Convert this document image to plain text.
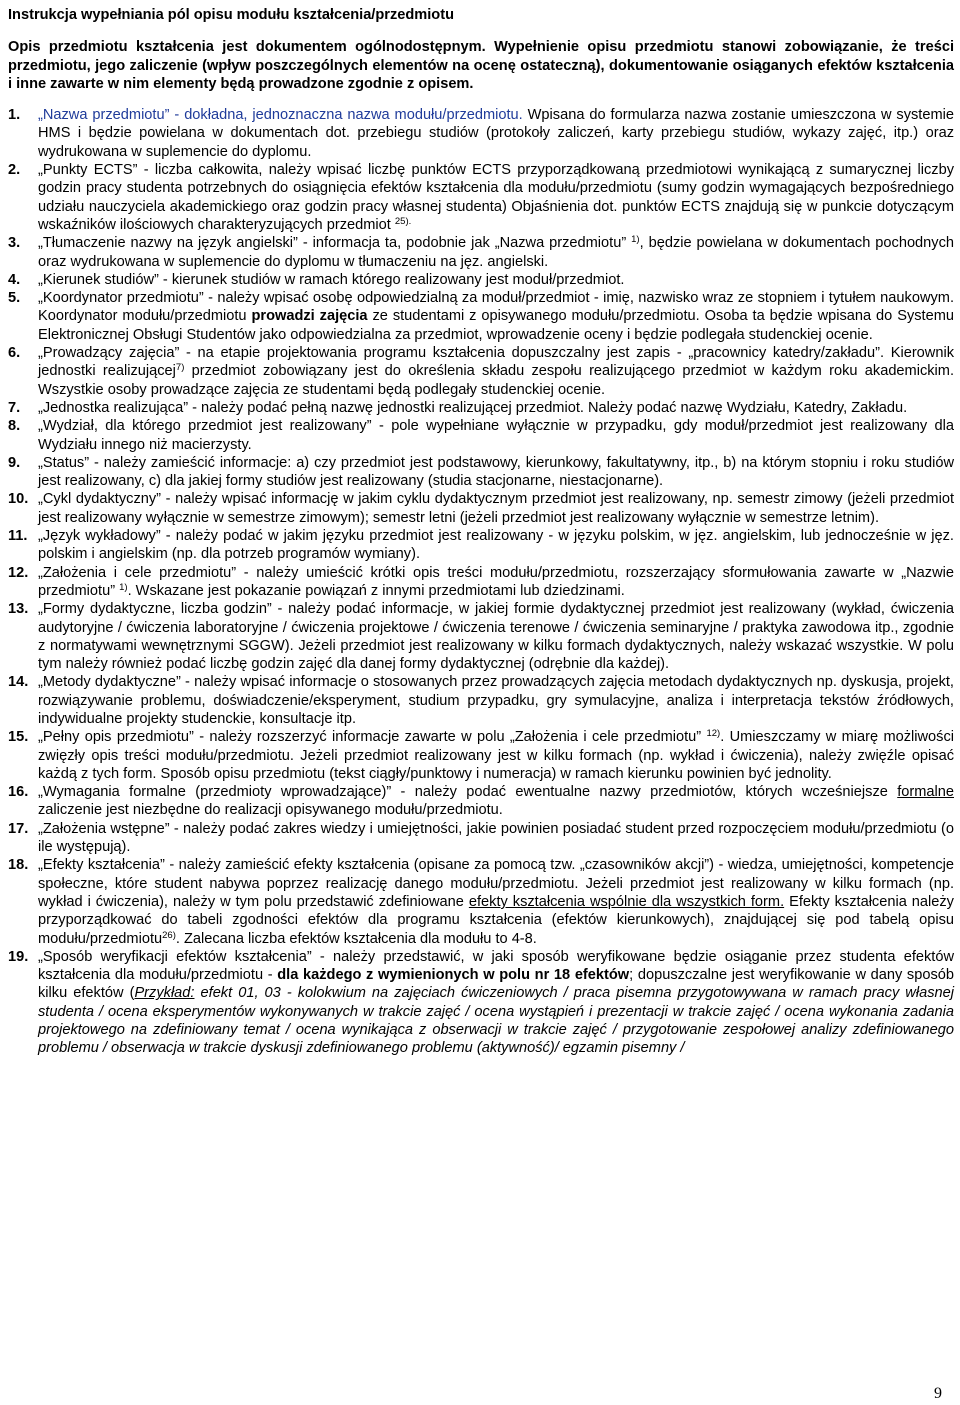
Instrukcja wypełniania pól opisu modułu kształcenia/przedmiotu
Opis przedmiotu kształcenia jest dokumentem ogólnodostępnym. Wypełnienie opisu przedmiotu stanowi zobowiązanie, że treści przedmiotu, jego zaliczenie (wpływ poszczególnych elementów na ocenę ostateczną), dokumentowanie osiąganych efektów kształcenia i inne zawarte w nim elementy będą prowadzone zgodnie z opisem.
1. „Nazwa przedmiotu” - dokładna, jednoznaczna nazwa modułu/przedmiotu. Wpisana do formularza nazwa zostanie umieszczona w systemie HMS i będzie powielana w dokumentach dot. przebiegu studiów (protokoły zaliczeń, karty przebiegu studiów, wykazy zajęć, itp.) oraz wydrukowana w suplemencie do dyplomu.
2. „Punkty ECTS” - liczba całkowita, należy wpisać liczbę punktów ECTS przyporządkowaną przedmiotowi wynikającą z sumarycznej liczby godzin pracy studenta potrzebnych do osiągnięcia efektów kształcenia dla modułu/przedmiotu (sumy godzin wymagających bezpośredniego udziału nauczyciela akademickiego oraz godzin pracy własnej studenta) Objaśnienia dot. punktów ECTS znajdują się w punkcie dotyczącym wskaźników ilościowych charakteryzujących przedmiot $^{25).}$
3. „Tłumaczenie nazwy na język angielski” - informacja ta, podobnie jak „Nazwa przedmiotu” $^{1)}$, będzie powielana w dokumentach pochodnych oraz wydrukowana w suplemencie do dyplomu w tłumaczeniu na jęz. angielski.
4. „Kierunek studiów” - kierunek studiów w ramach którego realizowany jest moduł/przedmiot.
5. „Koordynator przedmiotu” - należy wpisać osobę odpowiedzialną za moduł/przedmiot - imię, nazwisko wraz ze stopniem i tytułem naukowym. Koordynator modułu/przedmiotu prowadzi zajęcia ze studentami z opisywanego modułu/przedmiotu. Osoba ta będzie wpisana do Systemu Elektronicznej Obsługi Studentów jako odpowiedzialna za przedmiot, wprowadzenie oceny i będzie podlegała studenckiej ocenie.
6. „Prowadzący zajęcia” - na etapie projektowania programu kształcenia dopuszczalny jest zapis - „pracownicy katedry/zakładu”. Kierownik jednostki realizującej$^{7)}$ przedmiot zobowiązany jest do określenia składu zespołu realizującego przedmiot w każdym roku akademickim. Wszystkie osoby prowadzące zajęcia ze studentami będą podlegały studenckiej ocenie.
7. „Jednostka realizująca” - należy podać pełną nazwę jednostki realizującej przedmiot. Należy podać nazwę Wydziału, Katedry, Zakładu.
8. „Wydział, dla którego przedmiot jest realizowany” - pole wypełniane wyłącznie w przypadku, gdy moduł/przedmiot jest realizowany dla Wydziału innego niż macierzysty.
9. „Status” - należy zamieścić informacje: a) czy przedmiot jest podstawowy, kierunkowy, fakultatywny, itp., b) na którym stopniu i roku studiów jest realizowany, c) dla jakiej formy studiów jest realizowany (studia stacjonarne, niestacjonarne).
10. „Cykl dydaktyczny” - należy wpisać informację w jakim cyklu dydaktycznym przedmiot jest realizowany, np. semestr zimowy (jeżeli przedmiot jest realizowany wyłącznie w semestrze zimowym); semestr letni (jeżeli przedmiot jest realizowany wyłącznie w semestrze letnim).
11. „Język wykładowy” - należy podać w jakim języku przedmiot jest realizowany - w języku polskim, w jęz. angielskim, lub jednocześnie w jęz. polskim i angielskim (np. dla potrzeb programów wymiany).
12. „Założenia i cele przedmiotu” - należy umieścić krótki opis treści modułu/przedmiotu, rozszerzający sformułowania zawarte w „Nazwie przedmiotu” $^{1)}$. Wskazane jest pokazanie powiązań z innymi przedmiotami lub dziedzinami.
13. „Formy dydaktyczne, liczba godzin” - należy podać informacje, w jakiej formie dydaktycznej przedmiot jest realizowany (wykład, ćwiczenia audytoryjne / ćwiczenia laboratoryjne / ćwiczenia projektowe / ćwiczenia terenowe / ćwiczenia seminaryjne / praktyka zawodowa itp., zgodnie z normatywami wewnętrznymi SGGW). Jeżeli przedmiot jest realizowany w kilku formach dydaktycznych, należy wskazać wszystkie. W polu tym należy również podać liczbę godzin zajęć dla danej formy dydaktycznej (odrębnie dla każdej).
14. „Metody dydaktyczne” - należy wpisać informacje o stosowanych przez prowadzących zajęcia metodach dydaktycznych np. dyskusja, projekt, rozwiązywanie problemu, doświadczenie/eksperyment, studium przypadku, gry symulacyjne, analiza i interpretacja tekstów źródłowych, indywidualne projekty studenckie, konsultacje itp.
15. „Pełny opis przedmiotu” - należy rozszerzyć informacje zawarte w polu „Założenia i cele przedmiotu” $^{12)}$. Umieszczamy w miarę możliwości zwięzły opis treści modułu/przedmiotu. Jeżeli przedmiot realizowany jest w kilku formach (np. wykład i ćwiczenia), należy zwięźle opisać każdą z tych form. Sposób opisu przedmiotu (tekst ciągły/punktowy i numeracja) w ramach kierunku powinien być jednolity.
16. „Wymagania formalne (przedmioty wprowadzające)” - należy podać ewentualne nazwy przedmiotów, których wcześniejsze formalne zaliczenie jest niezbędne do realizacji opisywanego modułu/przedmiotu.
17. „Założenia wstępne” - należy podać zakres wiedzy i umiejętności, jakie powinien posiadać student przed rozpoczęciem modułu/przedmiotu (o ile występują).
18. „Efekty kształcenia” - należy zamieścić efekty kształcenia (opisane za pomocą tzw. „czasowników akcji”) - wiedza, umiejętności, kompetencje społeczne, które student nabywa poprzez realizację danego modułu/przedmiotu. Jeżeli przedmiot jest realizowany w kilku formach (np. wykład i ćwiczenia), należy w tym polu przedstawić zdefiniowane efekty kształcenia wspólnie dla wszystkich form. Efekty kształcenia należy przyporządkować do tabeli zgodności efektów dla programu kształcenia (efektów kierunkowych), znajdującej się pod tabelą opisu modułu/przedmiotu$^{26)}$. Zalecana liczba efektów kształcenia dla modułu to 4-8.
19. „Sposób weryfikacji efektów kształcenia” - należy przedstawić, w jaki sposób weryfikowane będzie osiąganie przez studenta efektów kształcenia dla modułu/przedmiotu - dla każdego z wymienionych w polu nr 18 efektów; dopuszczalne jest weryfikowanie w dany sposób kilku efektów (Przykład: efekt 01, 03 - kolokwium na zajęciach ćwiczeniowych / praca pisemna przygotowywana w ramach pracy własnej studenta / ocena eksperymentów wykonywanych w trakcie zajęć / ocena wystąpień i prezentacji w trakcie zajęć / ocena wykonania zadania projektowego na zdefiniowany temat / ocena wynikająca z obserwacji w trakcie zajęć / przygotowanie zespołowej analizy zdefiniowanego problemu / obserwacja w trakcie dyskusji zdefiniowanego problemu (aktywność)/ egzamin pisemny /
9
